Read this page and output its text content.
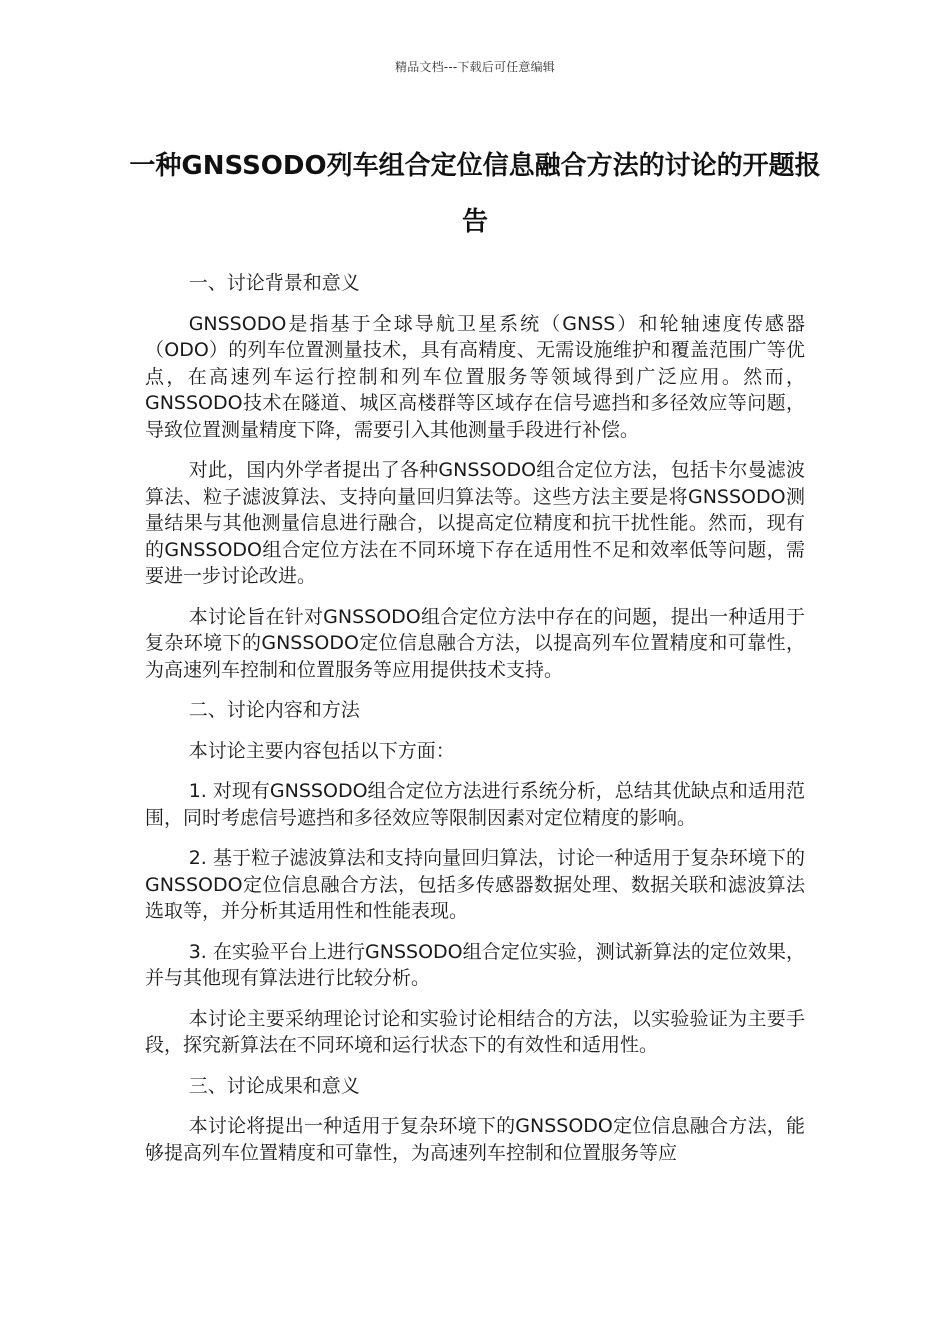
精品文档---下载后可任意编辑
一种GNSSODO列车组合定位信息融合方法的讨论的开题报告

一、讨论背景和意义

GNSSODO是指基于全球导航卫星系统（GNSS）和轮轴速度传感器（ODO）的列车位置测量技术，具有高精度、无需设施维护和覆盖范围广等优点，在高速列车运行控制和列车位置服务等领域得到广泛应用。然而，GNSSODO技术在隧道、城区高楼群等区域存在信号遮挡和多径效应等问题，导致位置测量精度下降，需要引入其他测量手段进行补偿。

对此，国内外学者提出了各种GNSSODO组合定位方法，包括卡尔曼滤波算法、粒子滤波算法、支持向量回归算法等。这些方法主要是将GNSSODO测量结果与其他测量信息进行融合，以提高定位精度和抗干扰性能。然而，现有的GNSSODO组合定位方法在不同环境下存在适用性不足和效率低等问题，需要进一步讨论改进。

本讨论旨在针对GNSSODO组合定位方法中存在的问题，提出一种适用于复杂环境下的GNSSODO定位信息融合方法，以提高列车位置精度和可靠性，为高速列车控制和位置服务等应用提供技术支持。

二、讨论内容和方法

本讨论主要内容包括以下方面：

1. 对现有GNSSODO组合定位方法进行系统分析，总结其优缺点和适用范围，同时考虑信号遮挡和多径效应等限制因素对定位精度的影响。

2. 基于粒子滤波算法和支持向量回归算法，讨论一种适用于复杂环境下的GNSSODO定位信息融合方法，包括多传感器数据处理、数据关联和滤波算法选取等，并分析其适用性和性能表现。

3. 在实验平台上进行GNSSODO组合定位实验，测试新算法的定位效果，并与其他现有算法进行比较分析。

本讨论主要采纳理论讨论和实验讨论相结合的方法，以实验验证为主要手段，探究新算法在不同环境和运行状态下的有效性和适用性。

三、讨论成果和意义

本讨论将提出一种适用于复杂环境下的GNSSODO定位信息融合方法，能够提高列车位置精度和可靠性，为高速列车控制和位置服务等应
